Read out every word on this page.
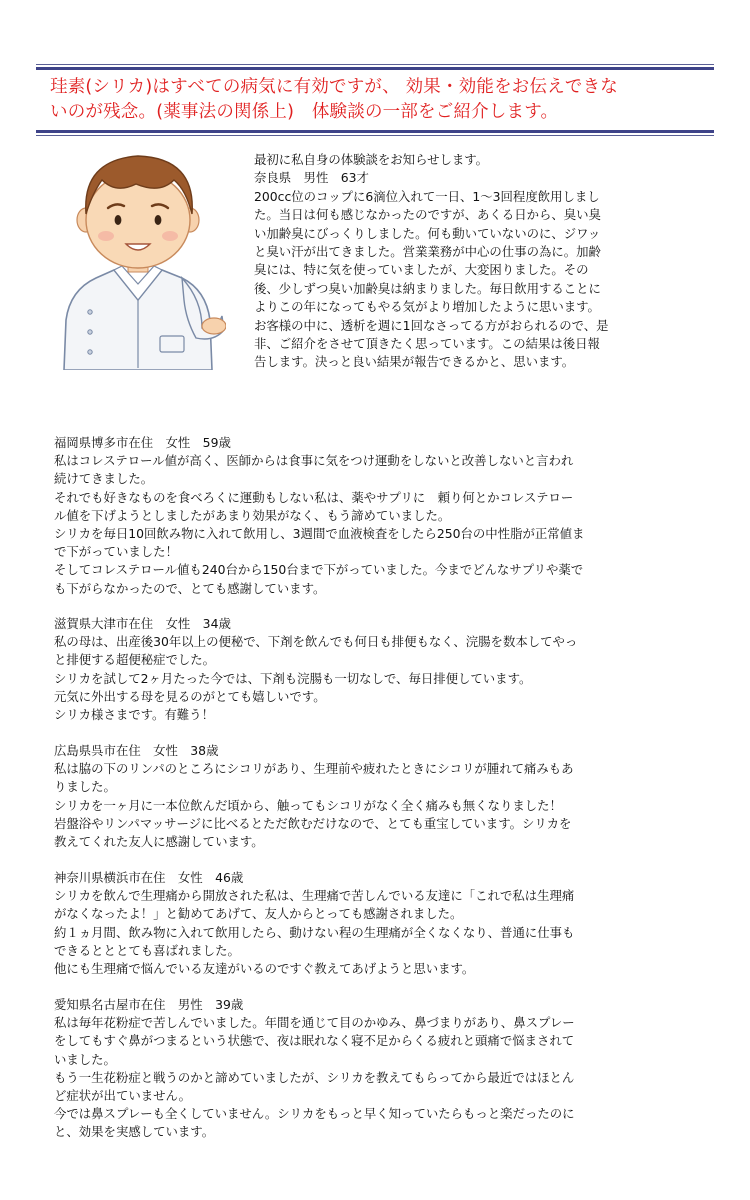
珪素(シリカ)はすべての病気に有効ですが、 効果・効能をお伝えできな
いのが残念。(薬事法の関係上)　体験談の一部をご紹介します。
最初に私自身の体験談をお知らせします。
奈良県　男性　63才
200cc位のコップに6滴位入れて一日、1～3回程度飲用しまし
た。当日は何も感じなかったのですが、あくる日から、臭い臭
い加齢臭にびっくりしました。何も動いていないのに、ジワッ
と臭い汗が出てきました。営業業務が中心の仕事の為に。加齢
臭には、特に気を使っていましたが、大変困りました。その
後、少しずつ臭い加齢臭は納まりました。毎日飲用することに
よりこの年になってもやる気がより増加したように思います。
お客様の中に、透析を週に1回なさってる方がおられるので、是
非、ご紹介をさせて頂きたく思っています。この結果は後日報
告します。決っと良い結果が報告できるかと、思います。
福岡県博多市在住　女性　59歳
私はコレステロール値が高く、医師からは食事に気をつけ運動をしないと改善しないと言われ
続けてきました。
それでも好きなものを食べろくに運動もしない私は、薬やサプリに　頼り何とかコレステロー
ル値を下げようとしましたがあまり効果がなく、もう諦めていました。
シリカを毎日10回飲み物に入れて飲用し、3週間で血液検査をしたら250台の中性脂が正常値ま
で下がっていました！
そしてコレステロール値も240台から150台まで下がっていました。今までどんなサプリや薬で
も下がらなかったので、とても感謝しています。
滋賀県大津市在住　女性　34歳
私の母は、出産後30年以上の便秘で、下剤を飲んでも何日も排便もなく、浣腸を数本してやっ
と排便する超便秘症でした。
シリカを試して2ヶ月たった今では、下剤も浣腸も一切なしで、毎日排便しています。
元気に外出する母を見るのがとても嬉しいです。
シリカ様さまです。有難う！
広島県呉市在住　女性　38歳
私は脇の下のリンパのところにシコリがあり、生理前や疲れたときにシコリが腫れて痛みもあ
りました。
シリカを一ヶ月に一本位飲んだ頃から、触ってもシコリがなく全く痛みも無くなりました！
岩盤浴やリンパマッサージに比べるとただ飲むだけなので、とても重宝しています。シリカを
教えてくれた友人に感謝しています。
神奈川県横浜市在住　女性　46歳
シリカを飲んで生理痛から開放された私は、生理痛で苦しんでいる友達に「これで私は生理痛
がなくなったよ！」と勧めてあげて、友人からとっても感謝されました。
約１ヵ月間、飲み物に入れて飲用したら、動けない程の生理痛が全くなくなり、普通に仕事も
できるとととても喜ばれました。
他にも生理痛で悩んでいる友達がいるのですぐ教えてあげようと思います。
愛知県名古屋市在住　男性　39歳
私は毎年花粉症で苦しんでいました。年間を通じて目のかゆみ、鼻づまりがあり、鼻スプレー
をしてもすぐ鼻がつまるという状態で、夜は眠れなく寝不足からくる疲れと頭痛で悩まされて
いました。
もう一生花粉症と戦うのかと諦めていましたが、シリカを教えてもらってから最近ではほとん
ど症状が出ていません。
今では鼻スプレーも全くしていません。シリカをもっと早く知っていたらもっと楽だったのに
と、効果を実感しています。
